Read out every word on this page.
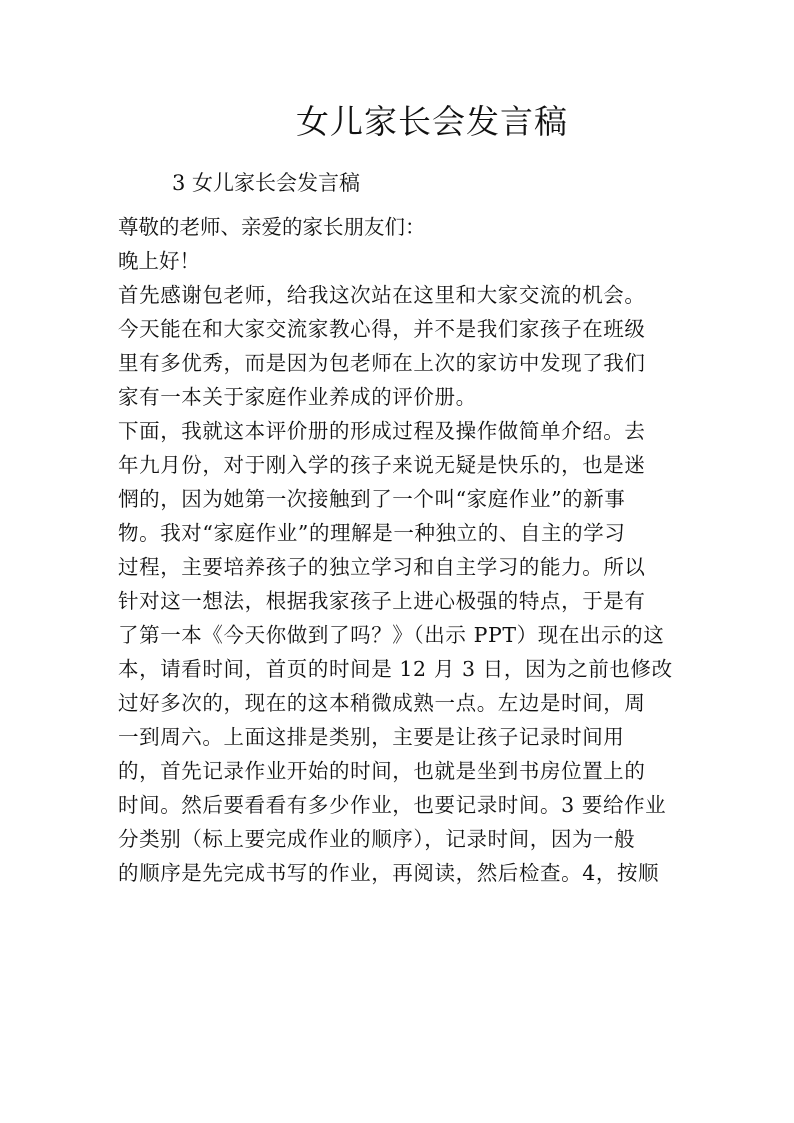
女儿家长会发言稿

3 女儿家长会发言稿

尊敬的老师、亲爱的家长朋友们：

晚上好！

首先感谢包老师，给我这次站在这里和大家交流的机会。
今天能在和大家交流家教心得，并不是我们家孩子在班级
里有多优秀，而是因为包老师在上次的家访中发现了我们
家有一本关于家庭作业养成的评价册。

下面，我就这本评价册的形成过程及操作做简单介绍。去
年九月份，对于刚入学的孩子来说无疑是快乐的，也是迷
惘的，因为她第一次接触到了一个叫“家庭作业”的新事
物。我对“家庭作业”的理解是一种独立的、自主的学习
过程，主要培养孩子的独立学习和自主学习的能力。所以
针对这一想法，根据我家孩子上进心极强的特点，于是有
了第一本《今天你做到了吗？》（出示 PPT）现在出示的这
本，请看时间，首页的时间是 12 月 3 日，因为之前也修改
过好多次的，现在的这本稍微成熟一点。左边是时间，周
一到周六。上面这排是类别，主要是让孩子记录时间用
的，首先记录作业开始的时间，也就是坐到书房位置上的
时间。然后要看看有多少作业，也要记录时间。3 要给作业
分类别（标上要完成作业的顺序），记录时间，因为一般
的顺序是先完成书写的作业，再阅读，然后检查。4，按顺
